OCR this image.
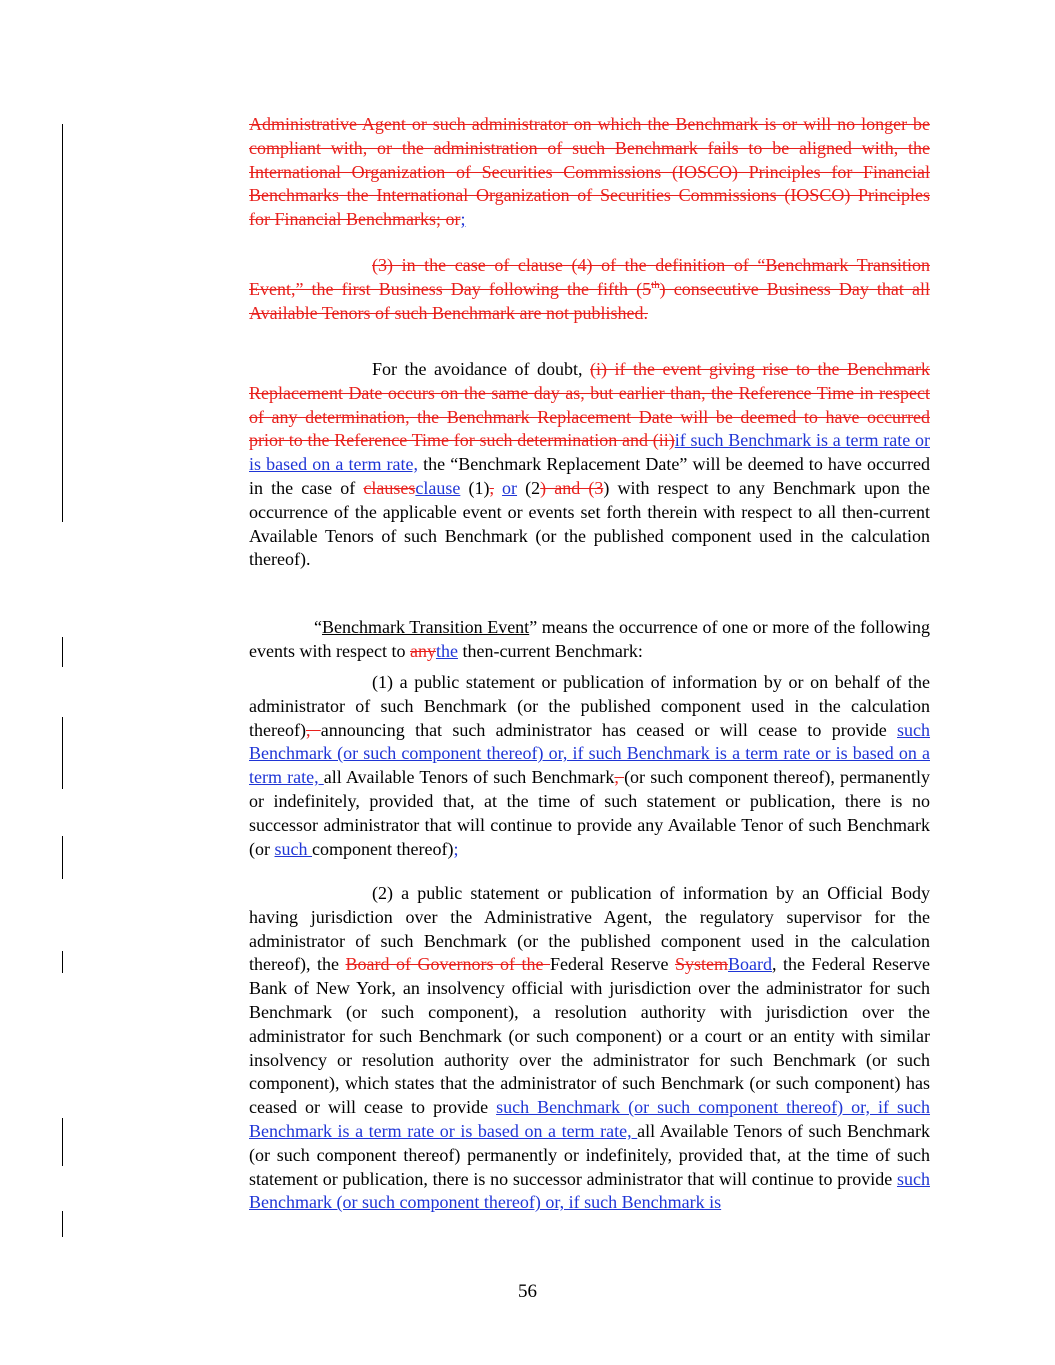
Administrative Agent or such administrator on which the Benchmark is or will no longer be compliant with, or the administration of such Benchmark fails to be aligned with, the International Organization of Securities Commissions (IOSCO) Principles for Financial Benchmarks the International Organization of Securities Commissions (IOSCO) Principles for Financial Benchmarks; or;

(3) in the case of clause (4) of the definition of “Benchmark Transition Event,” the first Business Day following the fifth (5th) consecutive Business Day that all Available Tenors of such Benchmark are not published.

For the avoidance of doubt, (i) if the event giving rise to the Benchmark Replacement Date occurs on the same day as, but earlier than, the Reference Time in respect of any determination, the Benchmark Replacement Date will be deemed to have occurred prior to the Reference Time for such determination and (ii)if such Benchmark is a term rate or is based on a term rate, the “Benchmark Replacement Date” will be deemed to have occurred in the case of clausesclause (1), or (2) and (3) with respect to any Benchmark upon the occurrence of the applicable event or events set forth therein with respect to all then-current Available Tenors of such Benchmark (or the published component used in the calculation thereof).

“Benchmark Transition Event” means the occurrence of one or more of the following events with respect to anythe then-current Benchmark:

(1) a public statement or publication of information by or on behalf of the administrator of such Benchmark (or the published component used in the calculation thereof), announcing that such administrator has ceased or will cease to provide such Benchmark (or such component thereof) or, if such Benchmark is a term rate or is based on a term rate, all Available Tenors of such Benchmark, (or such component thereof), permanently or indefinitely, provided that, at the time of such statement or publication, there is no successor administrator that will continue to provide any Available Tenor of such Benchmark (or such component thereof);

(2) a public statement or publication of information by an Official Body having jurisdiction over the Administrative Agent, the regulatory supervisor for the administrator of such Benchmark (or the published component used in the calculation thereof), the Board of Governors of the Federal Reserve SystemBoard, the Federal Reserve Bank of New York, an insolvency official with jurisdiction over the administrator for such Benchmark (or such component), a resolution authority with jurisdiction over the administrator for such Benchmark (or such component) or a court or an entity with similar insolvency or resolution authority over the administrator for such Benchmark (or such component), which states that the administrator of such Benchmark (or such component) has ceased or will cease to provide such Benchmark (or such component thereof) or, if such Benchmark is a term rate or is based on a term rate, all Available Tenors of such Benchmark (or such component thereof) permanently or indefinitely, provided that, at the time of such statement or publication, there is no successor administrator that will continue to provide such Benchmark (or such component thereof) or, if such Benchmark is

56
